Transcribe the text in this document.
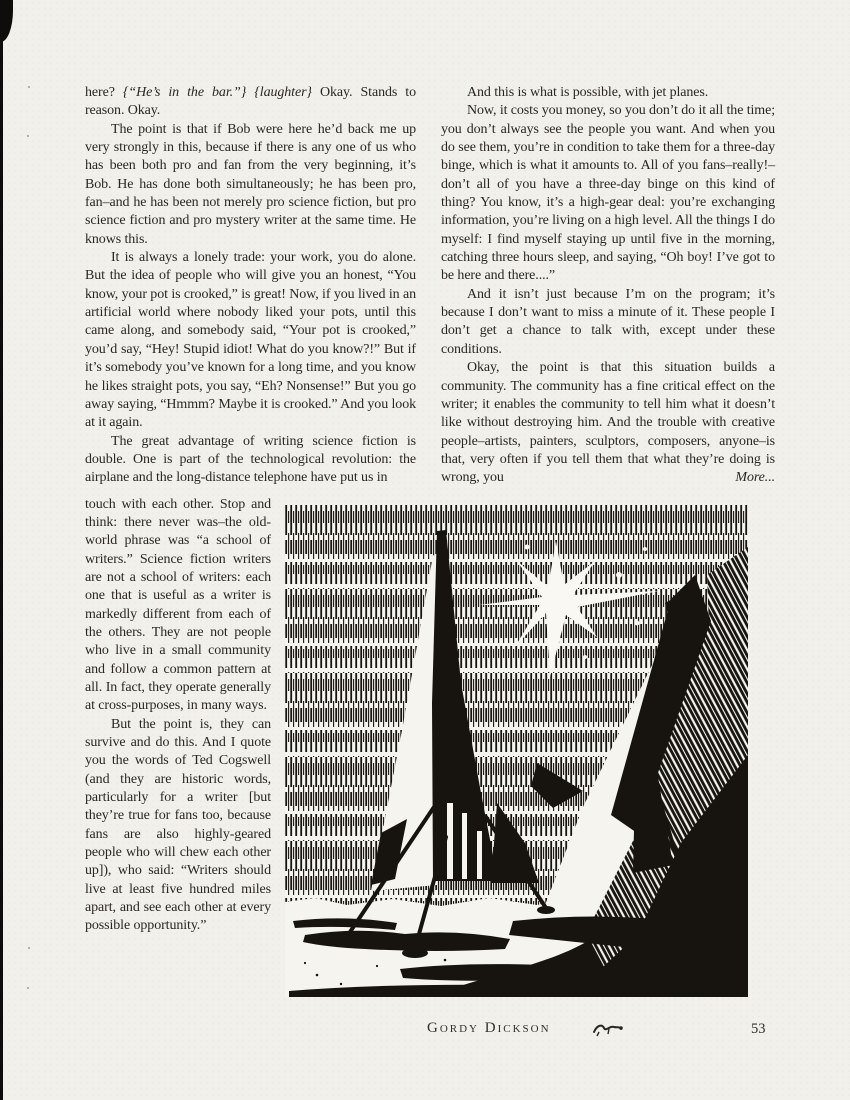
here? {“He’s in the bar.”} {laughter} Okay. Stands to reason. Okay.

The point is that if Bob were here he’d back me up very strongly in this, because if there is any one of us who has been both pro and fan from the very beginning, it’s Bob. He has done both simultaneously; he has been pro, fan–and he has been not merely pro science fiction, but pro science fiction and pro mystery writer at the same time. He knows this.

It is always a lonely trade: your work, you do alone. But the idea of people who will give you an honest, “You know, your pot is crooked,” is great! Now, if you lived in an artificial world where nobody liked your pots, until this came along, and somebody said, “Your pot is crooked,” you’d say, “Hey! Stupid idiot! What do you know?!” But if it’s somebody you’ve known for a long time, and you know he likes straight pots, you say, “Eh? Nonsense!” But you go away saying, “Hmmm? Maybe it is crooked.” And you look at it again.

The great advantage of writing science fiction is double. One is part of the technological revolution: the airplane and the long-distance telephone have put us in

touch with each other. Stop and think: there never was–the old-world phrase was “a school of writers.” Science fiction writers are not a school of writers: each one that is useful as a writer is markedly different from each of the others. They are not people who live in a small community and follow a common pattern at all. In fact, they operate generally at cross-purposes, in many ways.

But the point is, they can survive and do this. And I quote you the words of Ted Cogswell (and they are historic words, particularly for a writer [but they’re true for fans too, because fans are also highly-geared people who will chew each other up]), who said: “Writers should live at least five hundred miles apart, and see each other at every possible opportunity.”

And this is what is possible, with jet planes.

Now, it costs you money, so you don’t do it all the time; you don’t always see the people you want. And when you do see them, you’re in condition to take them for a three-day binge, which is what it amounts to. All of you fans–really!–don’t all of you have a three-day binge on this kind of thing? You know, it’s a high-gear deal: you’re exchanging information, you’re living on a high level. All the things I do myself: I find myself staying up until five in the morning, catching three hours sleep, and saying, “Oh boy! I’ve got to be here and there....”

And it isn’t just because I’m on the program; it’s because I don’t want to miss a minute of it. These people I don’t get a chance to talk with, except under these conditions.

Okay, the point is that this situation builds a community. The community has a fine critical effect on the writer; it enables the community to tell him what it doesn’t like without destroying him. And the trouble with creative people–artists, painters, sculptors, composers, anyone–is that, very often if you tell them that what they’re doing is wrong, you	More...

Gordy Dickson	53
